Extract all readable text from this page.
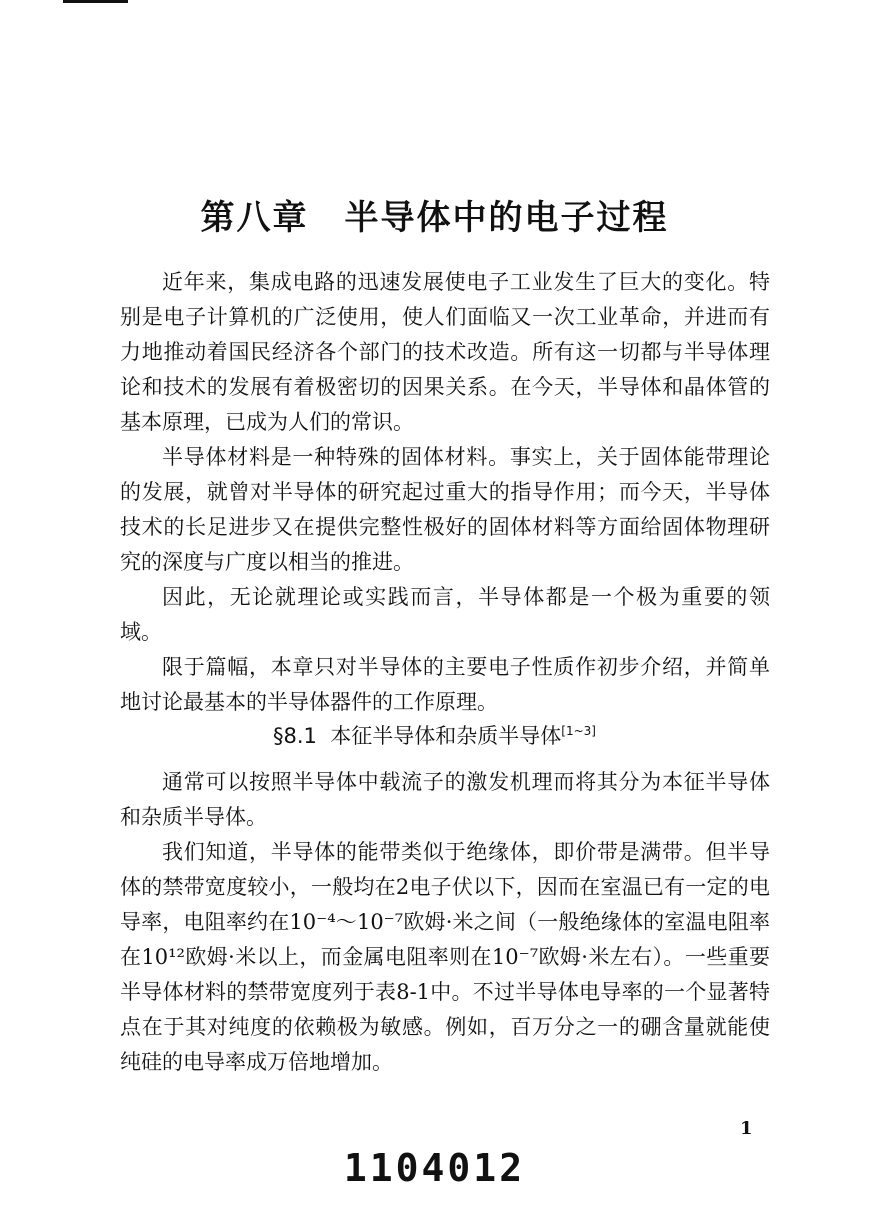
第八章　半导体中的电子过程

近年来，集成电路的迅速发展使电子工业发生了巨大的变化。特别是电子计算机的广泛使用，使人们面临又一次工业革命，并进而有力地推动着国民经济各个部门的技术改造。所有这一切都与半导体理论和技术的发展有着极密切的因果关系。在今天，半导体和晶体管的基本原理，已成为人们的常识。

半导体材料是一种特殊的固体材料。事实上，关于固体能带理论的发展，就曾对半导体的研究起过重大的指导作用；而今天，半导体技术的长足进步又在提供完整性极好的固体材料等方面给固体物理研究的深度与广度以相当的推进。

因此，无论就理论或实践而言，半导体都是一个极为重要的领域。

限于篇幅，本章只对半导体的主要电子性质作初步介绍，并简单地讨论最基本的半导体器件的工作原理。

§8.1 本征半导体和杂质半导体[1~3]

通常可以按照半导体中载流子的激发机理而将其分为本征半导体和杂质半导体。

我们知道，半导体的能带类似于绝缘体，即价带是满带。但半导体的禁带宽度较小，一般均在2电子伏以下，因而在室温已有一定的电导率，电阻率约在10⁻⁴～10⁻⁷欧姆·米之间（一般绝缘体的室温电阻率在10¹²欧姆·米以上，而金属电阻率则在10⁻⁷欧姆·米左右）。一些重要半导体材料的禁带宽度列于表8-1中。不过半导体电导率的一个显著特点在于其对纯度的依赖极为敏感。例如，百万分之一的硼含量就能使纯硅的电导率成万倍地增加。

1
1104012
